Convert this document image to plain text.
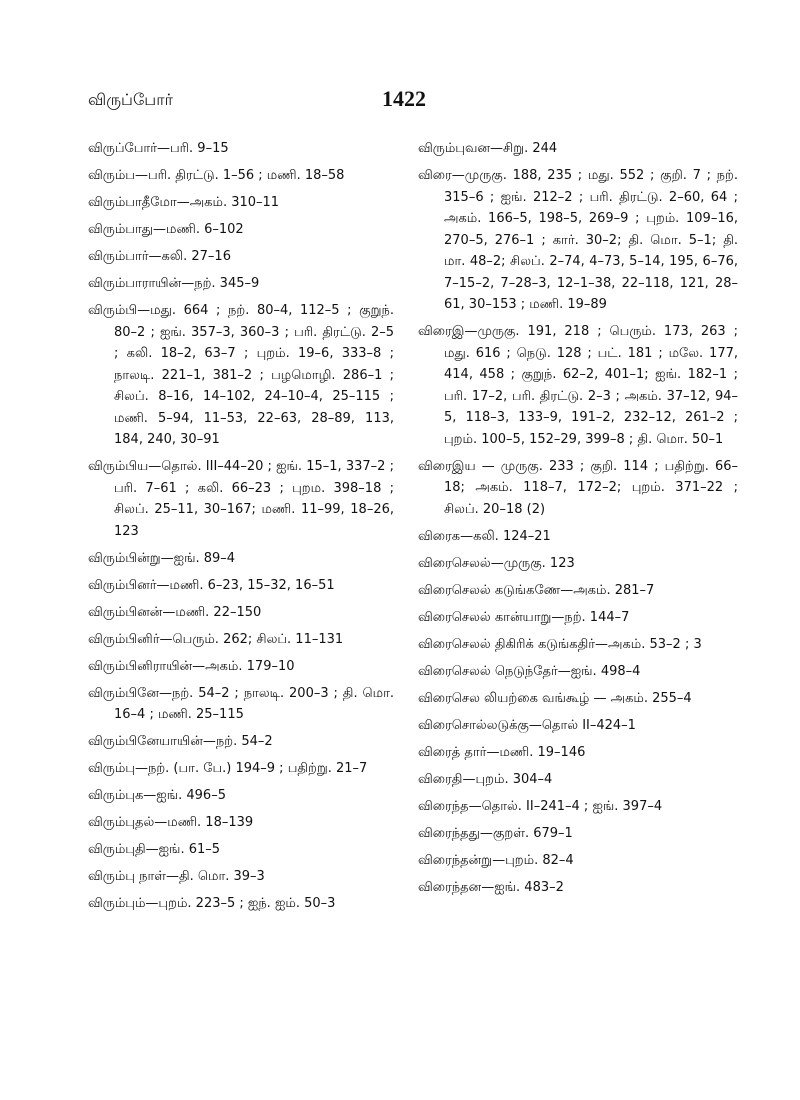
விருப்போர்	1422

விருப்போர்—பரி. 9–15

விரும்ப—பரி. திரட்டு. 1–56 ; மணி. 18–58

விரும்பாதீமோ—அகம். 310–11

விரும்பாது—மணி. 6–102

விரும்பார்—கலி. 27–16

விரும்பாராயின்—நற். 345–9

விரும்பி—மது. 664 ; நற். 80–4, 112–5 ; குறுந். 80–2 ; ஐங். 357–3, 360–3 ; பரி. திரட்டு. 2–5 ; கலி. 18–2, 63–7 ; புறம். 19–6, 333–8 ; நாலடி. 221–1, 381–2 ; பழமொழி. 286–1 ; சிலப். 8–16, 14–102, 24–10–4, 25–115 ; மணி. 5–94, 11–53, 22–63, 28–89, 113, 184, 240, 30–91

விரும்பிய—தொல். III–44–20 ; ஐங். 15–1, 337–2 ; பரி. 7–61 ; கலி. 66–23 ; புறம. 398–18 ; சிலப். 25–11, 30–167; மணி. 11–99, 18–26, 123

விரும்பின்று—ஐங். 89–4

விரும்பினர்—மணி. 6–23, 15–32, 16–51

விரும்பினன்—மணி. 22–150

விரும்பினிர்—பெரும். 262; சிலப். 11–131

விரும்பினிராயின்—அகம். 179–10

விரும்பினே—நற். 54–2 ; நாலடி. 200–3 ; தி. மொ. 16–4 ; மணி. 25–115

விரும்பினேயாயின்—நற். 54–2

விரும்பு—நற். (பா. பே.) 194–9 ; பதிற்று. 21–7

விரும்புக—ஐங். 496–5

விரும்புதல்—மணி. 18–139

விரும்புதி—ஐங். 61–5

விரும்பு நாள்—தி. மொ. 39–3

விரும்பும்—புறம். 223–5 ; ஐந். ஐம். 50–3

விரும்புவன—சிறு. 244

விரை—முருகு. 188, 235 ; மது. 552 ; குறி. 7 ; நற். 315–6 ; ஐங். 212–2 ; பரி. திரட்டு. 2–60, 64 ; அகம். 166–5, 198–5, 269–9 ; புறம். 109–16, 270–5, 276–1 ; கார். 30–2; தி. மொ. 5–1; தி. மா. 48–2; சிலப். 2–74, 4–73, 5–14, 195, 6–76, 7–15–2, 7–28–3, 12–1–38, 22–118, 121, 28–61, 30–153 ; மணி. 19–89

விரைஇ—முருகு. 191, 218 ; பெரும். 173, 263 ; மது. 616 ; நெடு. 128 ; பட். 181 ; மலே. 177, 414, 458 ; குறுந். 62–2, 401–1; ஐங். 182–1 ; பரி. 17–2, பரி. திரட்டு. 2–3 ; அகம். 37–12, 94–5, 118–3, 133–9, 191–2, 232–12, 261–2 ; புறம். 100–5, 152–29, 399–8 ; தி. மொ. 50–1

விரைஇய — முருகு. 233 ; குறி. 114 ; பதிற்று. 66–18; அகம். 118–7, 172–2; புறம். 371–22 ; சிலப். 20–18 (2)

விரைக—கலி. 124–21

விரைசெலல்—முருகு. 123

விரைசெலல் கடுங்கணே—அகம். 281–7

விரைசெலல் கான்யாறு—நற். 144–7

விரைசெலல் திகிரிக் கடுங்கதிர்—அகம். 53–2 ; 3

விரைசெலல் நெடுந்தேர்—ஐங். 498–4

விரைசெல லியற்கை வங்கூழ் — அகம். 255–4

விரைசொல்லடுக்கு—தொல் II–424–1

விரைத் தார்—மணி. 19–146

விரைதி—புறம். 304–4

விரைந்த—தொல். II–241–4 ; ஐங். 397–4

விரைந்தது—குறள். 679–1

விரைந்தன்று—புறம். 82–4

விரைந்தன—ஐங். 483–2
